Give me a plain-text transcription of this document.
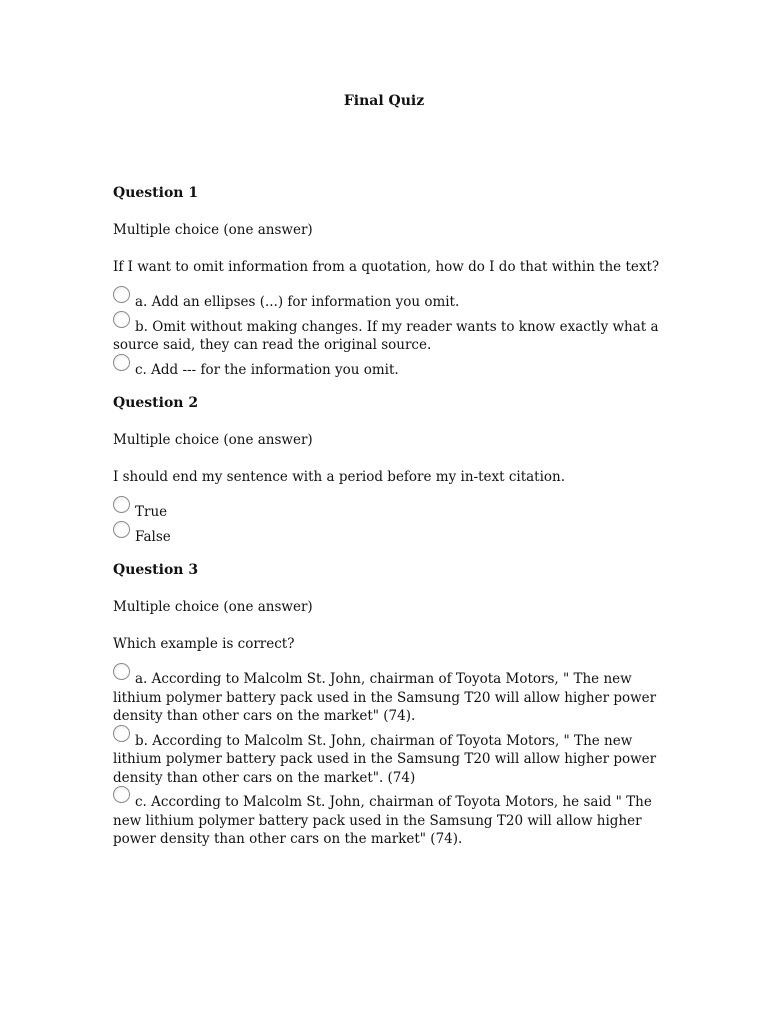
Final Quiz

Question 1

Multiple choice (one answer)

If I want to omit information from a quotation, how do I do that within the text?

a. Add an ellipses (...) for information you omit.
b. Omit without making changes. If my reader wants to know exactly what a source said, they can read the original source.
c. Add --- for the information you omit.

Question 2

Multiple choice (one answer)

I should end my sentence with a period before my in-text citation.

True
False

Question 3

Multiple choice (one answer)

Which example is correct?

a. According to Malcolm St. John, chairman of Toyota Motors, " The new lithium polymer battery pack used in the Samsung T20 will allow higher power density than other cars on the market" (74).
b. According to Malcolm St. John, chairman of Toyota Motors, " The new lithium polymer battery pack used in the Samsung T20 will allow higher power density than other cars on the market". (74)
c. According to Malcolm St. John, chairman of Toyota Motors, he said " The new lithium polymer battery pack used in the Samsung T20 will allow higher power density than other cars on the market" (74).
